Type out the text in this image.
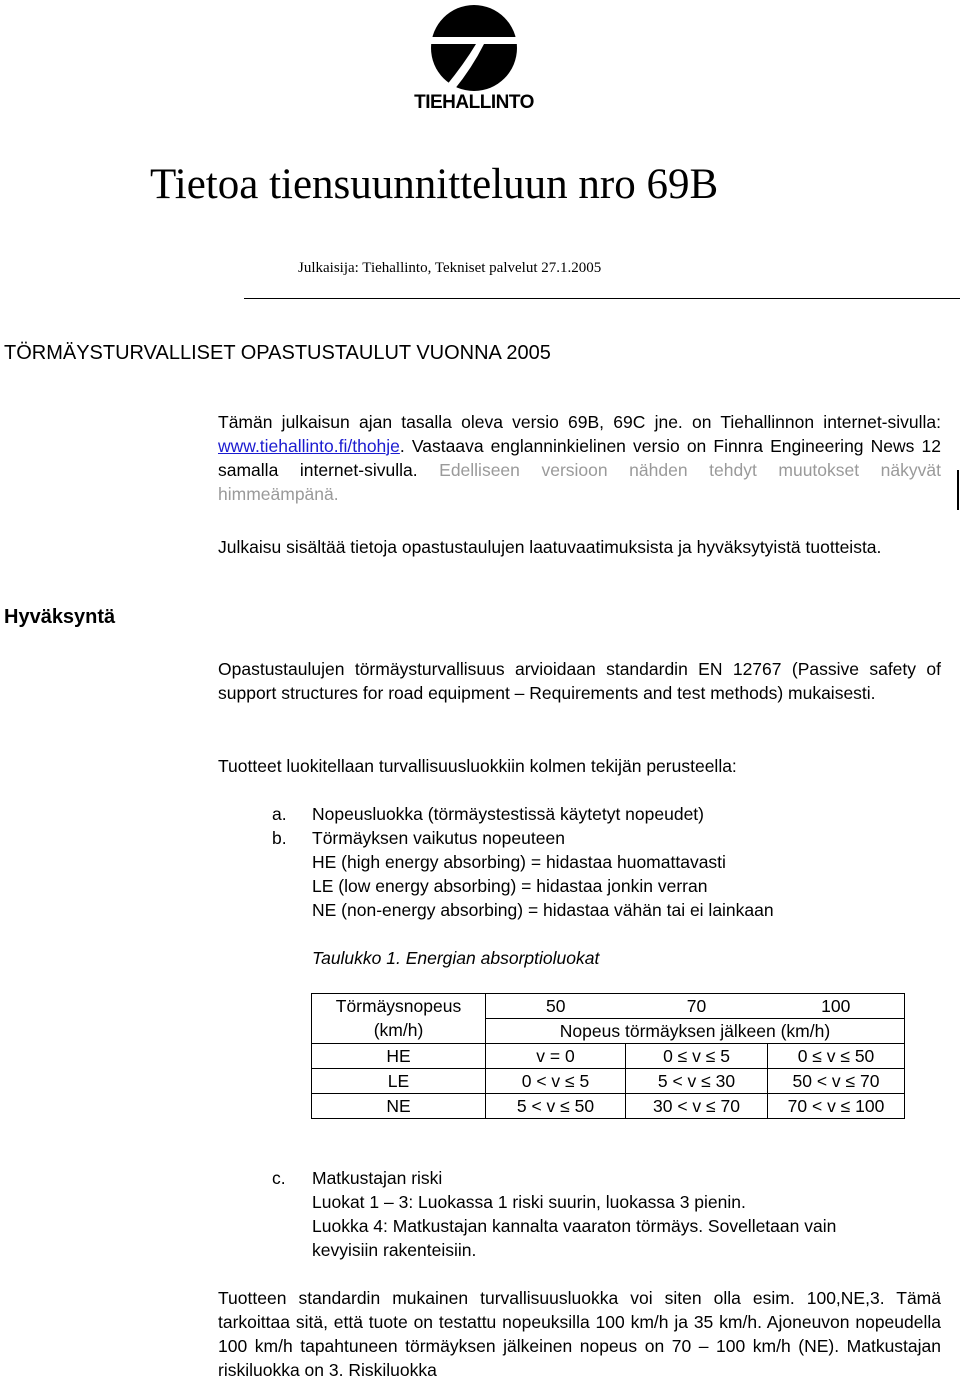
TIEHALLINTO
Tietoa tiensuunnitteluun nro 69B
Julkaisija: Tiehallinto, Tekniset palvelut 27.1.2005
TÖRMÄYSTURVALLISET OPASTUSTAULUT VUONNA 2005

Tämän julkaisun ajan tasalla oleva versio 69B, 69C jne. on Tiehallinnon internet-sivulla: www.tiehallinto.fi/thohje. Vastaava englanninkielinen versio on Finnra Engineering News 12 samalla internet-sivulla. Edelliseen versioon nähden tehdyt muutokset näkyvät himmeämpänä.

Julkaisu sisältää tietoja opastustaulujen laatuvaatimuksista ja hyväksytyistä tuotteista.

Hyväksyntä

Opastustaulujen törmäysturvallisuus arvioidaan standardin EN 12767 (Passive safety of support structures for road equipment – Requirements and test methods) mukaisesti.

Tuotteet luokitellaan turvallisuusluokkiin kolmen tekijän perusteella:

a. Nopeusluokka (törmäystestissä käytetyt nopeudet)

b. Törmäyksen vaikutus nopeuteen

HE (high energy absorbing) = hidastaa huomattavasti

LE (low energy absorbing) = hidastaa jonkin verran

NE (non-energy absorbing) = hidastaa vähän tai ei lainkaan

Taulukko 1. Energian absorptioluokat

Törmäysnopeus
(km/h)	50	70	100
	Nopeus törmäyksen jälkeen (km/h)		
HE	v = 0	0 ≤ v ≤ 5	0 ≤ v ≤ 50
LE	0 < v ≤ 5	5 < v ≤ 30	50 < v ≤ 70
NE	5 < v ≤ 50	30 < v ≤ 70	70 < v ≤ 100

c. Matkustajan riski

Luokat 1 – 3: Luokassa 1 riski suurin, luokassa 3 pienin.

Luokka 4: Matkustajan kannalta vaaraton törmäys. Sovelletaan vain

kevyisiin rakenteisiin.

Tuotteen standardin mukainen turvallisuusluokka voi siten olla esim. 100,NE,3. Tämä tarkoittaa sitä, että tuote on testattu nopeuksilla 100 km/h ja 35 km/h. Ajoneuvon nopeudella 100 km/h tapahtuneen törmäyksen jälkeinen nopeus on 70 – 100 km/h (NE). Matkustajan riskiluokka on 3. Riskiluokka
